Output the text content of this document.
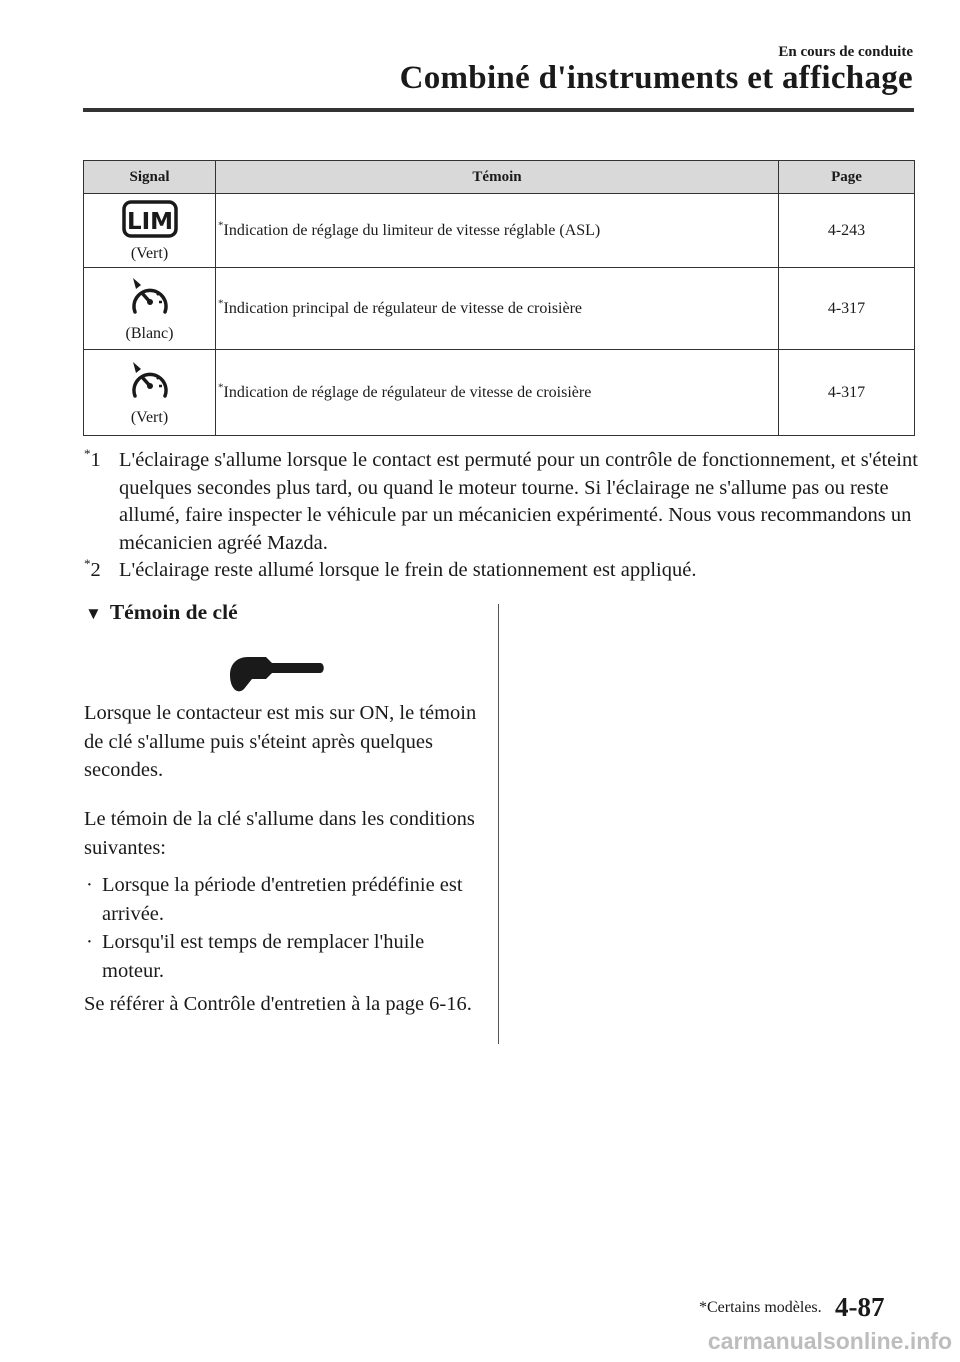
En cours de conduite
Combiné d'instruments et affichage
Signal	Témoin	Page

LIM
(Vert)	*Indication de réglage du limiteur de vitesse réglable (ASL)	4-243

(Blanc)	*Indication principal de régulateur de vitesse de croisière	4-317

(Vert)	*Indication de réglage de régulateur de vitesse de croisière	4-317
*1 L'éclairage s'allume lorsque le contact est permuté pour un contrôle de fonctionnement, et s'éteint quelques secondes plus tard, ou quand le moteur tourne. Si l'éclairage ne s'allume pas ou reste allumé, faire inspecter le véhicule par un mécanicien expérimenté. Nous vous recommandons un mécanicien agréé Mazda.
*2 L'éclairage reste allumé lorsque le frein de stationnement est appliqué.
▼ Témoin de clé
Lorsque le contacteur est mis sur ON, le témoin de clé s'allume puis s'éteint après quelques secondes.
Le témoin de la clé s'allume dans les conditions suivantes:
· Lorsque la période d'entretien prédéfinie est arrivée.
· Lorsqu'il est temps de remplacer l'huile moteur.
Se référer à Contrôle d'entretien à la page 6-16.
*Certains modèles. 4-87
carmanualsonline.info
